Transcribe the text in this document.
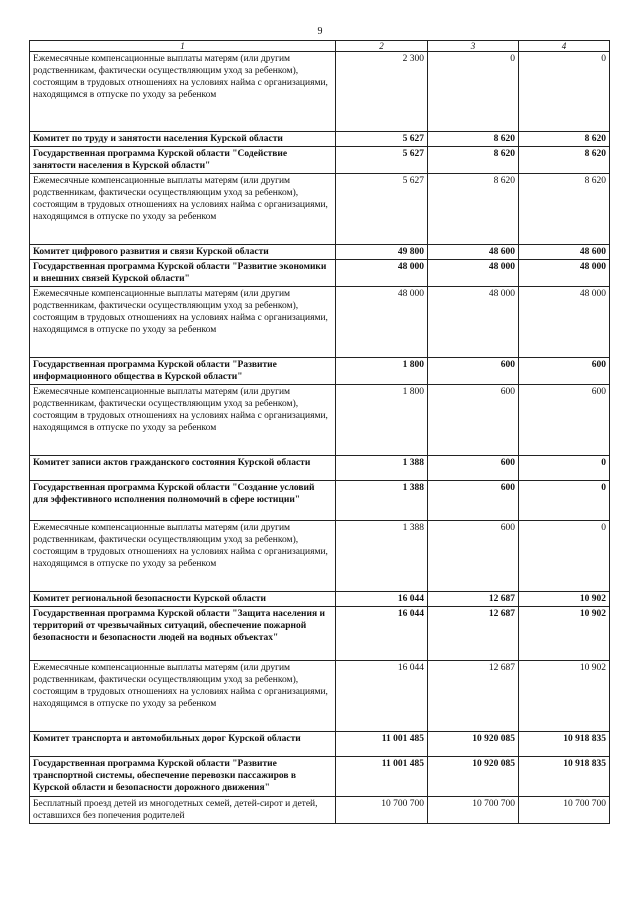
9
1	2	3	4
Ежемесячные компенсационные выплаты матерям (или другим родственникам, фактически осуществляющим уход за ребенком), состоящим в трудовых отношениях на условиях найма с организациями, находящимся в отпуске по уходу за ребенком	2 300	0	0
Комитет по труду и занятости населения Курской области	5 627	8 620	8 620
Государственная программа Курской области "Содействие занятости населения в Курской области"	5 627	8 620	8 620
Ежемесячные компенсационные выплаты матерям (или другим родственникам, фактически осуществляющим уход за ребенком), состоящим в трудовых отношениях на условиях найма с организациями, находящимся в отпуске по уходу за ребенком	5 627	8 620	8 620
Комитет цифрового развития и связи Курской области	49 800	48 600	48 600
Государственная программа Курской области "Развитие экономики и внешних связей Курской области"	48 000	48 000	48 000
Ежемесячные компенсационные выплаты матерям (или другим родственникам, фактически осуществляющим уход за ребенком), состоящим в трудовых отношениях на условиях найма с организациями, находящимся в отпуске по уходу за ребенком	48 000	48 000	48 000
Государственная программа Курской области "Развитие информационного общества в Курской области"	1 800	600	600
Ежемесячные компенсационные выплаты матерям (или другим родственникам, фактически осуществляющим уход за ребенком), состоящим в трудовых отношениях на условиях найма с организациями, находящимся в отпуске по уходу за ребенком	1 800	600	600
Комитет записи актов гражданского состояния Курской области	1 388	600	0
Государственная программа Курской области "Создание условий для эффективного исполнения полномочий в сфере юстиции"	1 388	600	0
Ежемесячные компенсационные выплаты матерям (или другим родственникам, фактически осуществляющим уход за ребенком), состоящим в трудовых отношениях на условиях найма с организациями, находящимся в отпуске по уходу за ребенком	1 388	600	0
Комитет региональной безопасности Курской области	16 044	12 687	10 902
Государственная программа Курской области "Защита населения и территорий от чрезвычайных ситуаций, обеспечение пожарной безопасности и безопасности людей на водных объектах"	16 044	12 687	10 902
Ежемесячные компенсационные выплаты матерям (или другим родственникам, фактически осуществляющим уход за ребенком), состоящим в трудовых отношениях на условиях найма с организациями, находящимся в отпуске по уходу за ребенком	16 044	12 687	10 902
Комитет транспорта и автомобильных дорог Курской области	11 001 485	10 920 085	10 918 835
Государственная программа Курской области "Развитие транспортной системы, обеспечение перевозки пассажиров в Курской области и безопасности дорожного движения"	11 001 485	10 920 085	10 918 835
Бесплатный проезд детей из многодетных семей, детей-сирот и детей, оставшихся без попечения родителей	10 700 700	10 700 700	10 700 700
